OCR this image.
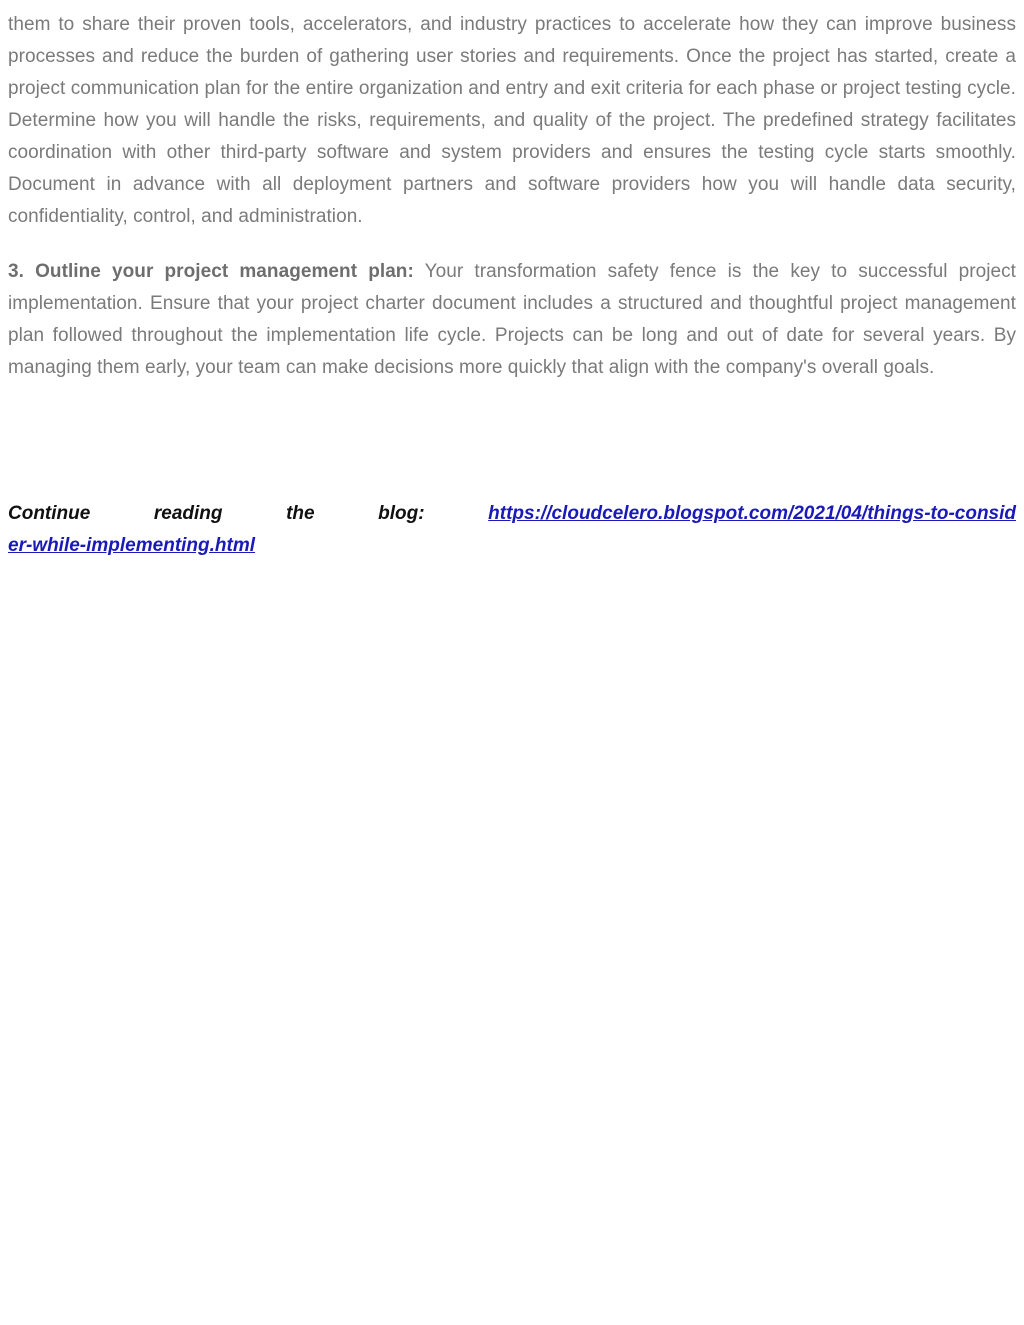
them to share their proven tools, accelerators, and industry practices to accelerate how they can improve business processes and reduce the burden of gathering user stories and requirements. Once the project has started, create a project communication plan for the entire organization and entry and exit criteria for each phase or project testing cycle. Determine how you will handle the risks, requirements, and quality of the project. The predefined strategy facilitates coordination with other third-party software and system providers and ensures the testing cycle starts smoothly. Document in advance with all deployment partners and software providers how you will handle data security, confidentiality, control, and administration.

3. Outline your project management plan: Your transformation safety fence is the key to successful project implementation. Ensure that your project charter document includes a structured and thoughtful project management plan followed throughout the implementation life cycle. Projects can be long and out of date for several years. By managing them early, your team can make decisions more quickly that align with the company's overall goals.

Continue reading the blog:	https://cloudcelero.blogspot.com/2021/04/things-to-consider-while-implementing.html
